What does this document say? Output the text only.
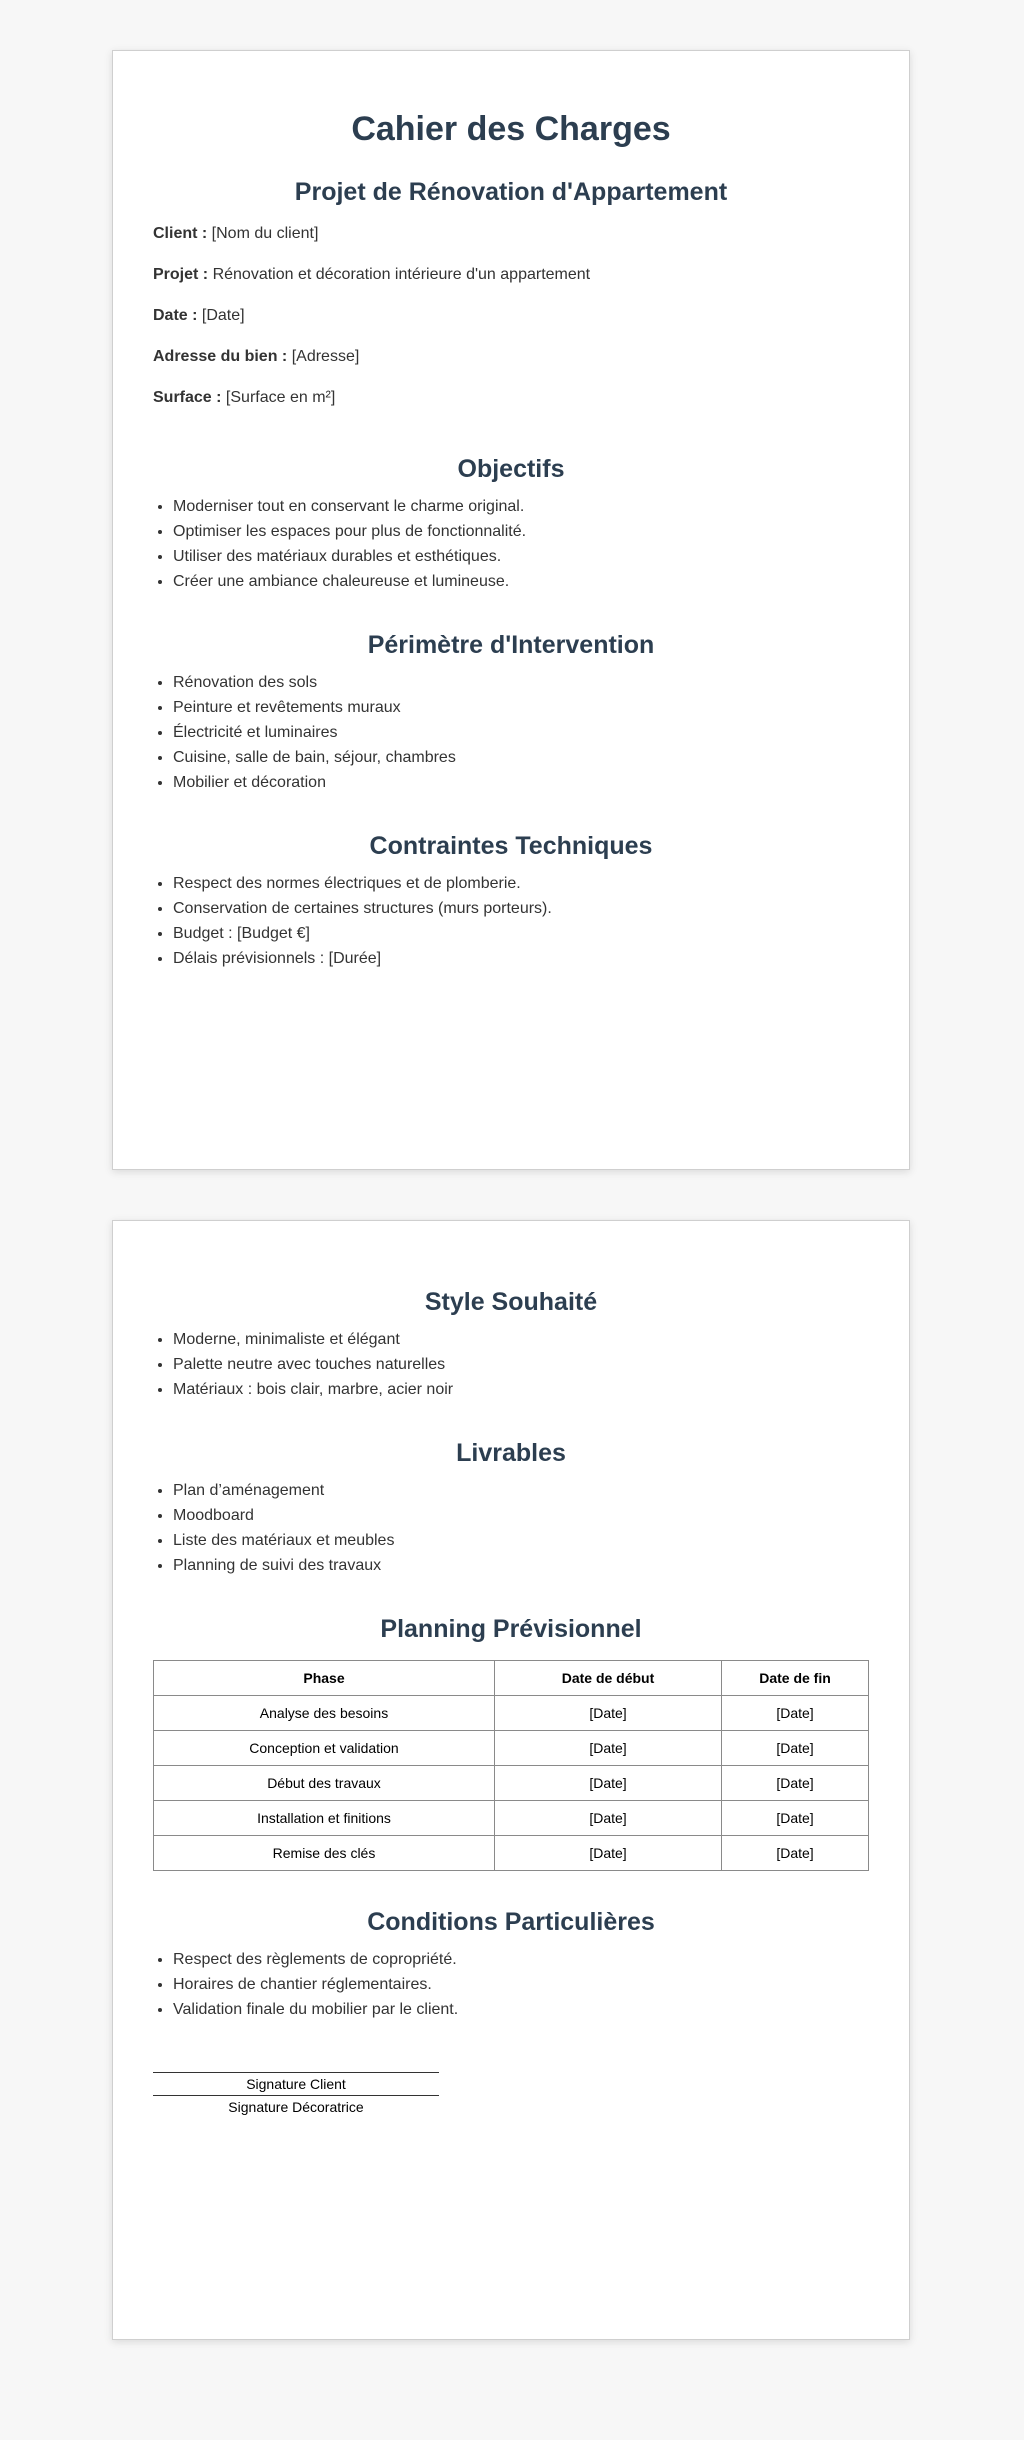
Cahier des Charges
Projet de Rénovation d'Appartement

Client : [Nom du client]

Projet : Rénovation et décoration intérieure d'un appartement

Date : [Date]

Adresse du bien : [Adresse]

Surface : [Surface en m²]

Objectifs
• Moderniser tout en conservant le charme original.
• Optimiser les espaces pour plus de fonctionnalité.
• Utiliser des matériaux durables et esthétiques.
• Créer une ambiance chaleureuse et lumineuse.
Périmètre d'Intervention
• Rénovation des sols
• Peinture et revêtements muraux
• Électricité et luminaires
• Cuisine, salle de bain, séjour, chambres
• Mobilier et décoration
Contraintes Techniques
• Respect des normes électriques et de plomberie.
• Conservation de certaines structures (murs porteurs).
• Budget : [Budget €]
• Délais prévisionnels : [Durée]
Style Souhaité
• Moderne, minimaliste et élégant
• Palette neutre avec touches naturelles
• Matériaux : bois clair, marbre, acier noir
Livrables
• Plan d’aménagement
• Moodboard
• Liste des matériaux et meubles
• Planning de suivi des travaux
Planning Prévisionnel
Phase	Date de début	Date de fin
Analyse des besoins	[Date]	[Date]
Conception et validation	[Date]	[Date]
Début des travaux	[Date]	[Date]
Installation et finitions	[Date]	[Date]
Remise des clés	[Date]	[Date]
Conditions Particulières
• Respect des règlements de copropriété.
• Horaires de chantier réglementaires.
• Validation finale du mobilier par le client.
Signature Client
Signature Décoratrice
